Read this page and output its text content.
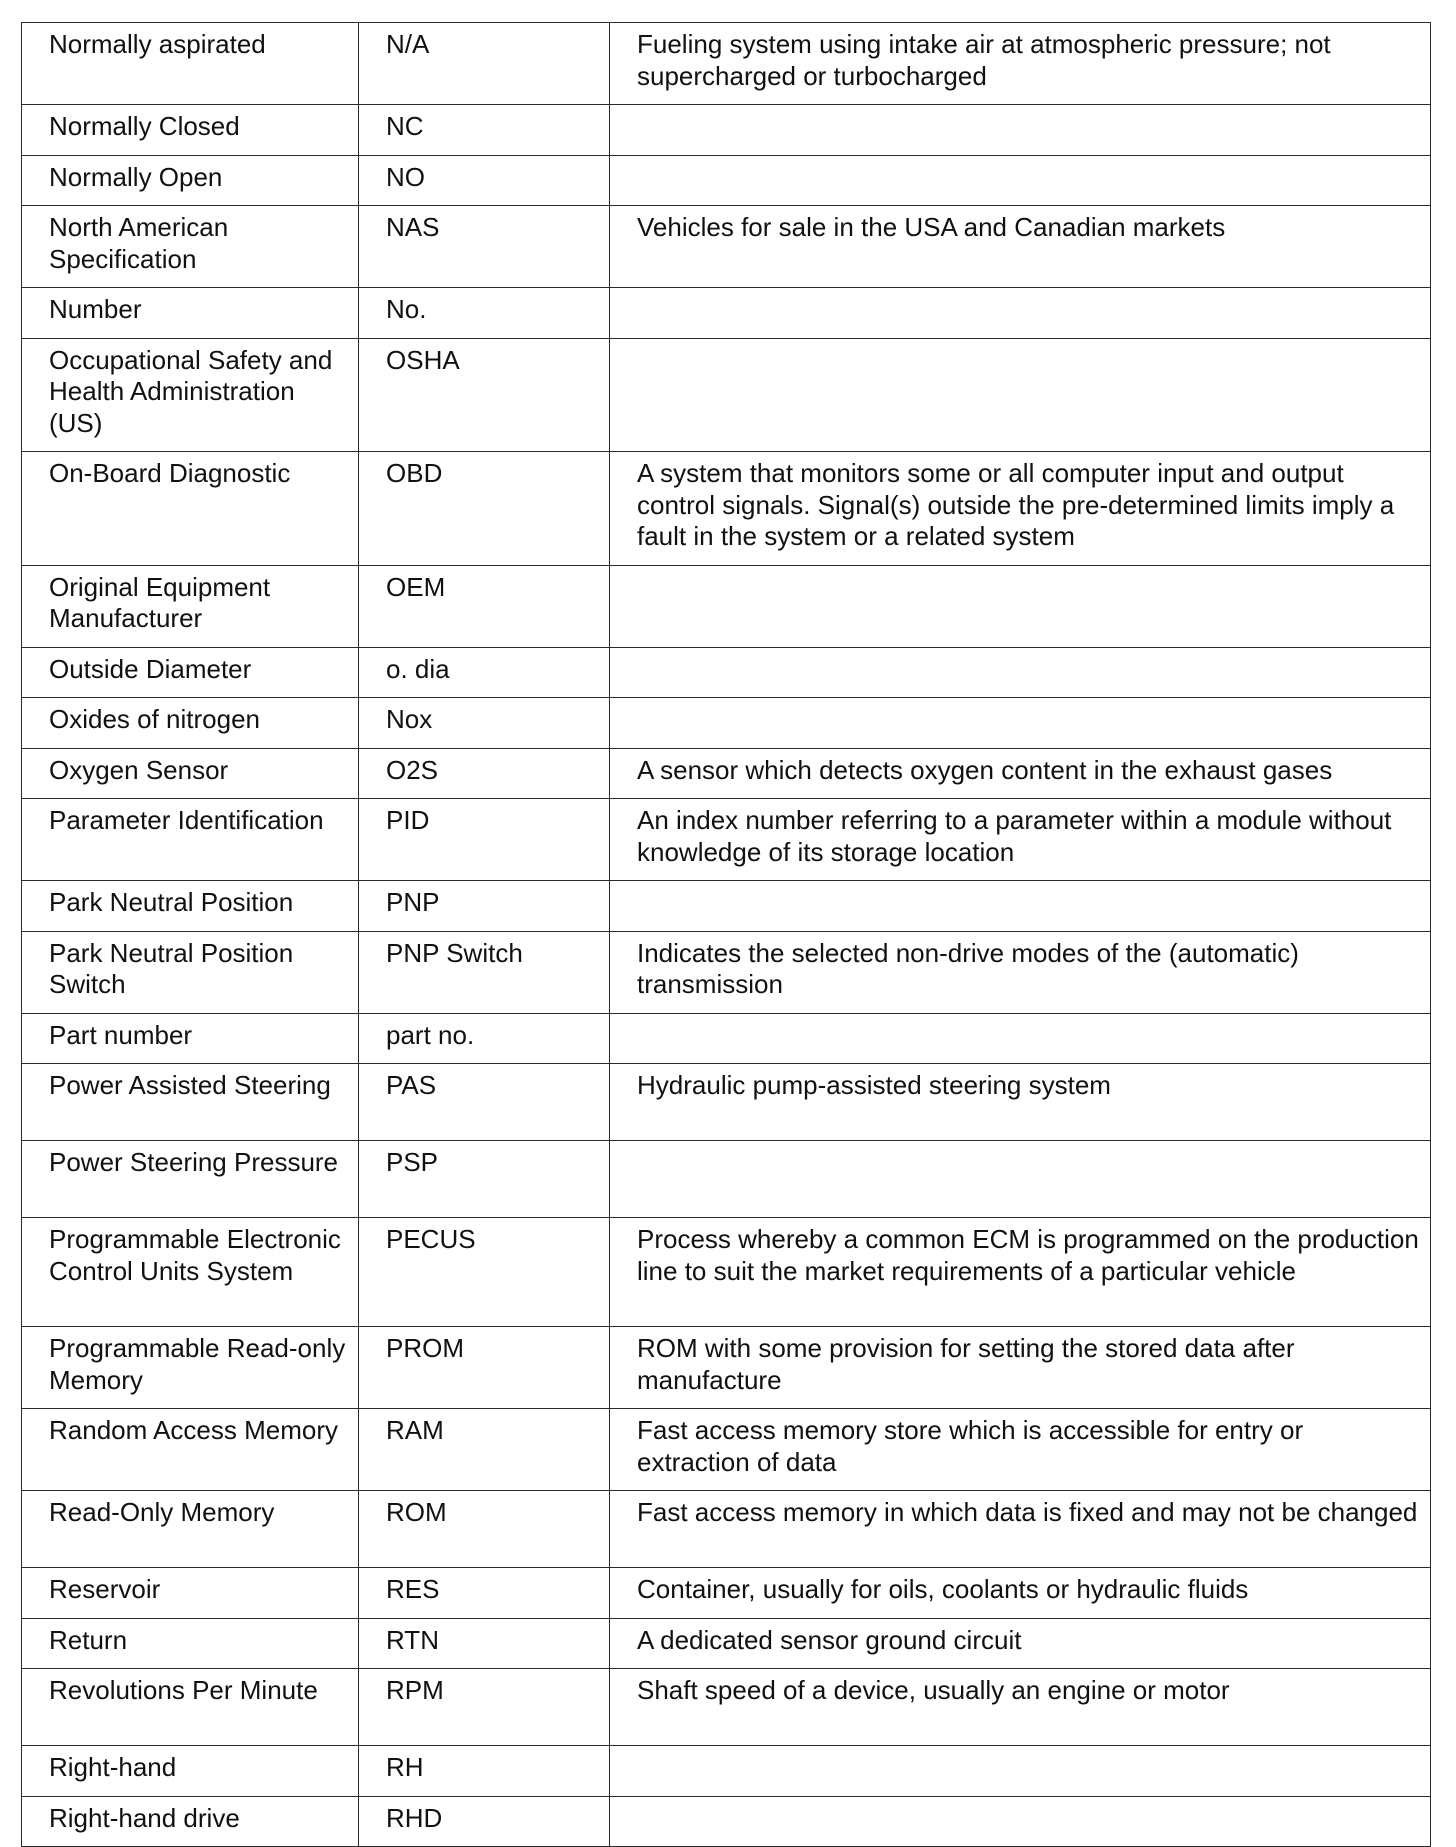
Normally aspirated	N/A	Fueling system using intake air at atmospheric pressure; not supercharged or turbocharged
Normally Closed	NC	
Normally Open	NO	
North American Specification	NAS	Vehicles for sale in the USA and Canadian markets
Number	No.	
Occupational Safety and Health Administration (US)	OSHA	
On-Board Diagnostic	OBD	A system that monitors some or all computer input and output control signals. Signal(s) outside the pre-determined limits imply a fault in the system or a related system
Original Equipment Manufacturer	OEM	
Outside Diameter	o. dia	
Oxides of nitrogen	Nox	
Oxygen Sensor	O2S	A sensor which detects oxygen content in the exhaust gases
Parameter Identification	PID	An index number referring to a parameter within a module without knowledge of its storage location
Park Neutral Position	PNP	
Park Neutral Position Switch	PNP Switch	Indicates the selected non-drive modes of the (automatic) transmission
Part number	part no.	
Power Assisted Steering	PAS	Hydraulic pump-assisted steering system
Power Steering Pressure	PSP	
Programmable Electronic Control Units System	PECUS	Process whereby a common ECM is programmed on the production line to suit the market requirements of a particular vehicle
Programmable Read-only Memory	PROM	ROM with some provision for setting the stored data after manufacture
Random Access Memory	RAM	Fast access memory store which is accessible for entry or extraction of data
Read-Only Memory	ROM	Fast access memory in which data is fixed and may not be changed
Reservoir	RES	Container, usually for oils, coolants or hydraulic fluids
Return	RTN	A dedicated sensor ground circuit
Revolutions Per Minute	RPM	Shaft speed of a device, usually an engine or motor
Right-hand	RH	
Right-hand drive	RHD	
